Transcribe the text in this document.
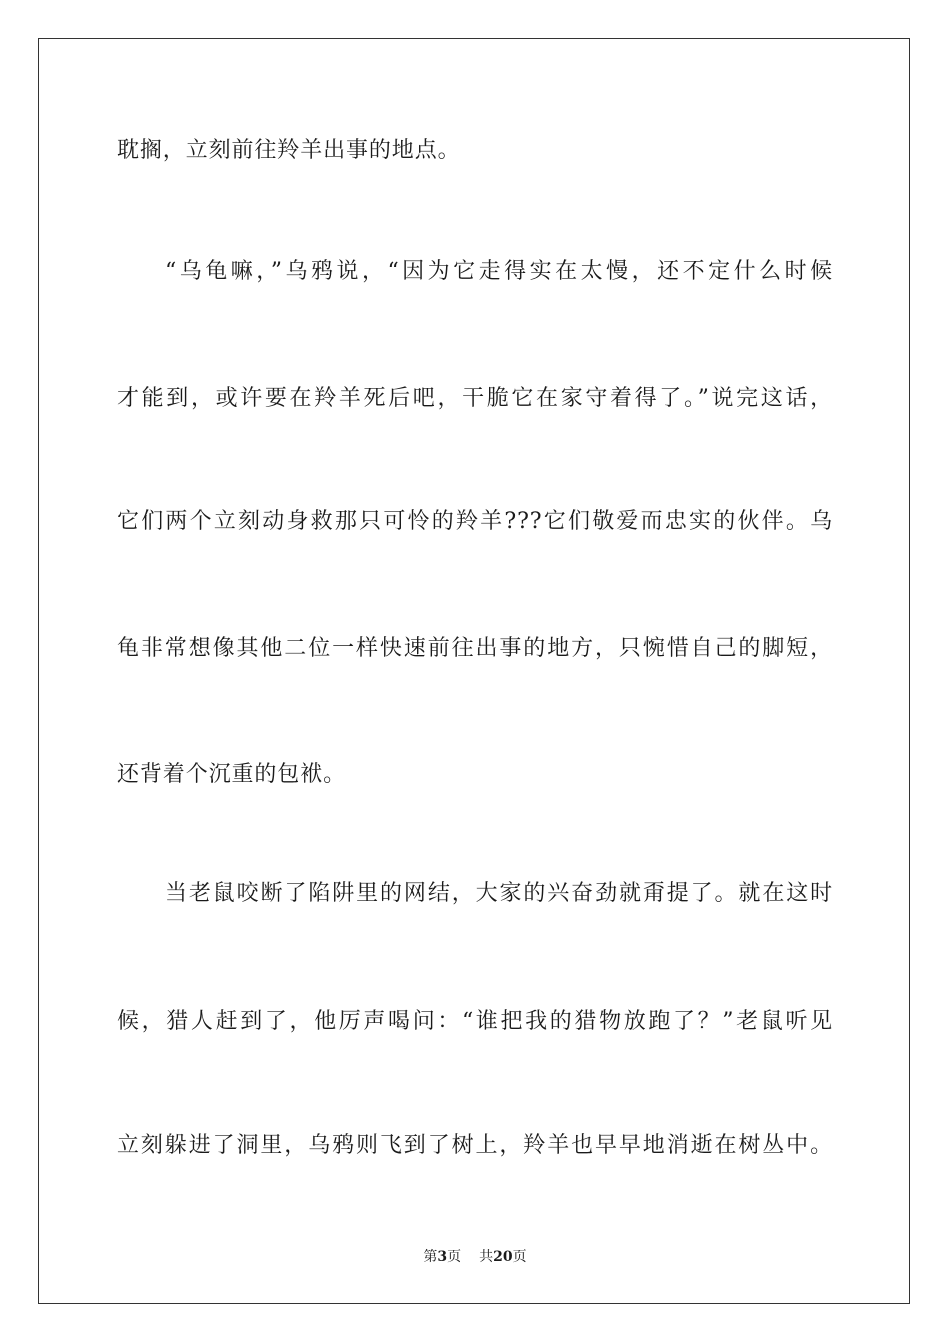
耽搁，立刻前往羚羊出事的地点。
“乌龟嘛，”乌鸦说，“因为它走得实在太慢，还不定什么时候
才能到，或许要在羚羊死后吧，干脆它在家守着得了。”说完这话，
它们两个立刻动身救那只可怜的羚羊???它们敬爱而忠实的伙伴。乌
龟非常想像其他二位一样快速前往出事的地方，只惋惜自己的脚短，
还背着个沉重的包袱。
当老鼠咬断了陷阱里的网结，大家的兴奋劲就甭提了。就在这时
候，猎人赶到了，他厉声喝问：“谁把我的猎物放跑了？”老鼠听见
立刻躲进了洞里，乌鸦则飞到了树上，羚羊也早早地消逝在树丛中。
第3页 共20页
